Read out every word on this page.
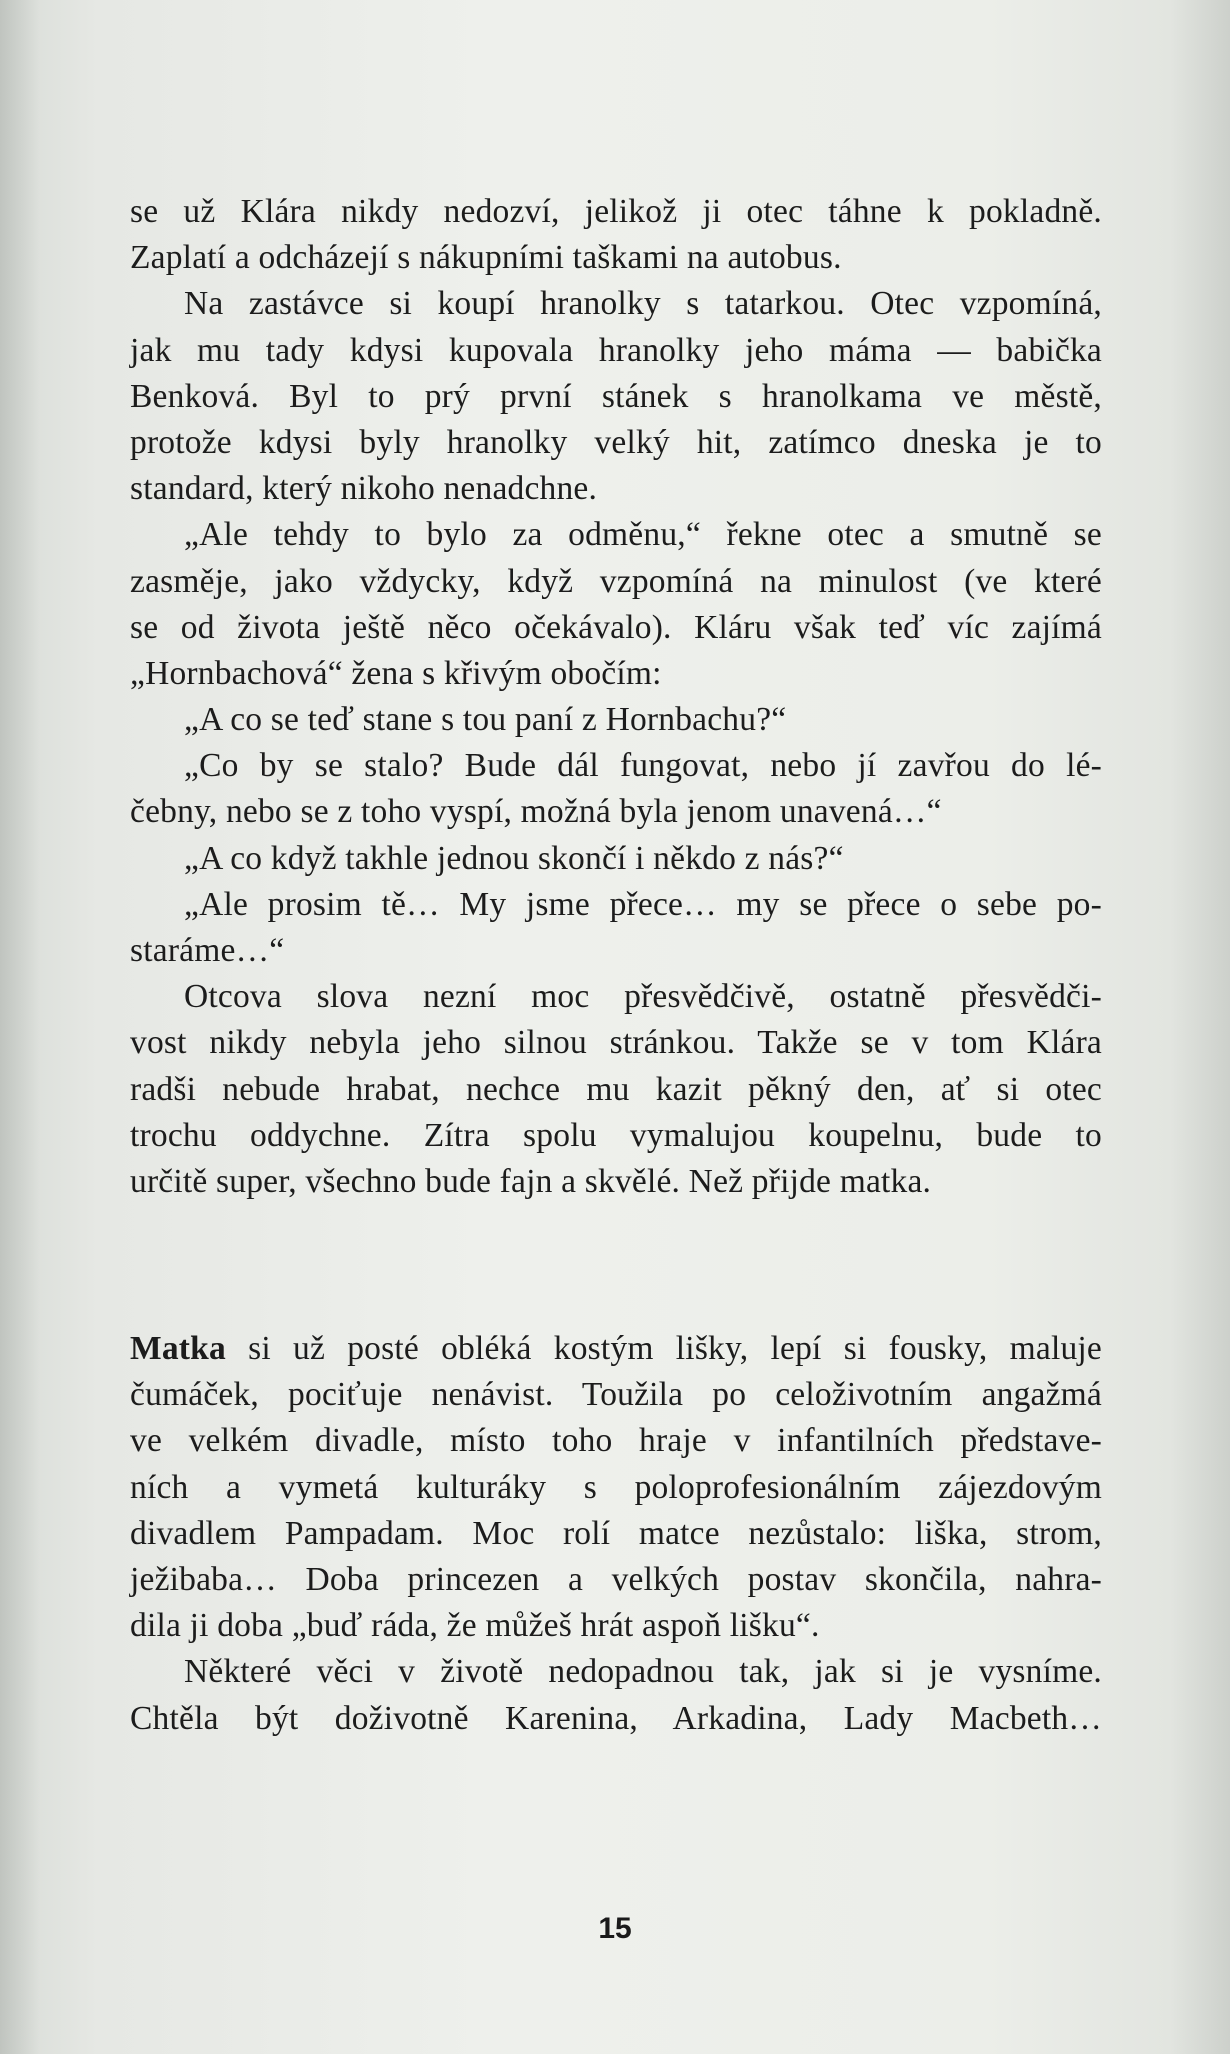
se už Klára nikdy nedozví, jelikož ji otec táhne k pokladně.
Zaplatí a odcházejí s nákupními taškami na autobus.
Na zastávce si koupí hranolky s tatarkou. Otec vzpomíná,
jak mu tady kdysi kupovala hranolky jeho máma — babička
Benková. Byl to prý první stánek s hranolkama ve městě,
protože kdysi byly hranolky velký hit, zatímco dneska je to
standard, který nikoho nenadchne.
„Ale tehdy to bylo za odměnu,“ řekne otec a smutně se
zasměje, jako vždycky, když vzpomíná na minulost (ve které
se od života ještě něco očekávalo). Kláru však teď víc zajímá
„Hornbachová“ žena s křivým obočím:
„A co se teď stane s tou paní z Hornbachu?“
„Co by se stalo? Bude dál fungovat, nebo jí zavřou do lé-
čebny, nebo se z toho vyspí, možná byla jenom unavená…“
„A co když takhle jednou skončí i někdo z nás?“
„Ale prosim tě… My jsme přece… my se přece o sebe po-
staráme…“
Otcova slova nezní moc přesvědčivě, ostatně přesvědči-
vost nikdy nebyla jeho silnou stránkou. Takže se v tom Klára
radši nebude hrabat, nechce mu kazit pěkný den, ať si otec
trochu oddychne. Zítra spolu vymalujou koupelnu, bude to
určitě super, všechno bude fajn a skvělé. Než přijde matka.
Matka si už posté obléká kostým lišky, lepí si fousky, maluje
čumáček, pociťuje nenávist. Toužila po celoživotním angažmá
ve velkém divadle, místo toho hraje v infantilních představe-
ních a vymetá kulturáky s poloprofesionálním zájezdovým
divadlem Pampadam. Moc rolí matce nezůstalo: liška, strom,
ježibaba… Doba princezen a velkých postav skončila, nahra-
dila ji doba „buď ráda, že můžeš hrát aspoň lišku“.
Některé věci v životě nedopadnou tak, jak si je vysníme.
Chtěla být doživotně Karenina, Arkadina, Lady Macbeth…
15
